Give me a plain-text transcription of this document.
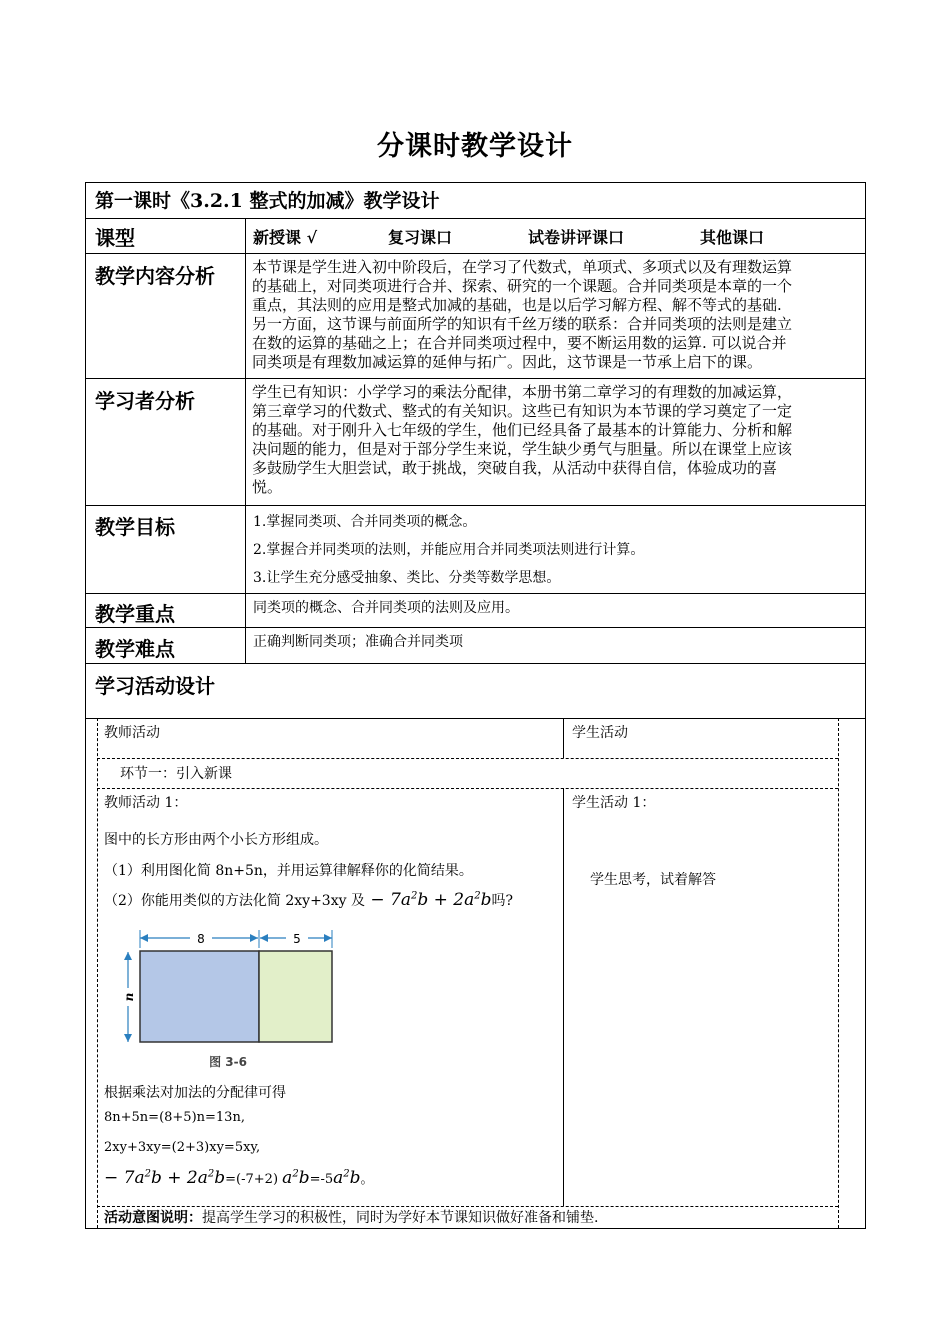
分课时教学设计
第一课时《3.2.1 整式的加减》教学设计
课型	新授课 √	复习课口	试卷讲评课口	其他课口
教学内容分析 本节课是学生进入初中阶段后，在学习了代数式，单项式、多项式以及有理数运算
的基础上，对同类项进行合并、探索、研究的一个课题。合并同类项是本章的一个
重点，其法则的应用是整式加减的基础，也是以后学习解方程、解不等式的基础.
另一方面，这节课与前面所学的知识有千丝万缕的联系：合并同类项的法则是建立
在数的运算的基础之上；在合并同类项过程中，要不断运用数的运算. 可以说合并
同类项是有理数加减运算的延伸与拓广。因此，这节课是一节承上启下的课。
学习者分析	学生已有知识：小学学习的乘法分配律，本册书第二章学习的有理数的加减运算，
第三章学习的代数式、整式的有关知识。这些已有知识为本节课的学习奠定了一定
的基础。对于刚升入七年级的学生，他们已经具备了最基本的计算能力、分析和解
决问题的能力，但是对于部分学生来说，学生缺少勇气与胆量。所以在课堂上应该
多鼓励学生大胆尝试，敢于挑战，突破自我，从活动中获得自信，体验成功的喜
悦。
教学目标	1.掌握同类项、合并同类项的概念。
2.掌握合并同类项的法则，并能应用合并同类项法则进行计算。
3.让学生充分感受抽象、类比、分类等数学思想。
教学重点	同类项的概念、合并同类项的法则及应用。
教学难点	正确判断同类项；准确合并同类项
学习活动设计
教师活动	学生活动
环节一：引入新课
教师活动 1：	学生活动 1：
图中的长方形由两个小长方形组成。
（1）利用图化简 8n+5n，并用运算律解释你的化简结果。
（2）你能用类似的方法化简 2xy+3xy 及 − $7a^2b + 2a^2b$吗?
学生思考，试着解答
8	5
n
图 3-6
根据乘法对加法的分配律可得
8n+5n=(8+5)n=13n,
2xy+3xy=(2+3)xy=5xy,
− $7a^2b + 2a^2b=(-7+2)$ $a^2b=-5a^2b$。
活动意图说明：提高学生学习的积极性，同时为学好本节课知识做好准备和铺垫.
